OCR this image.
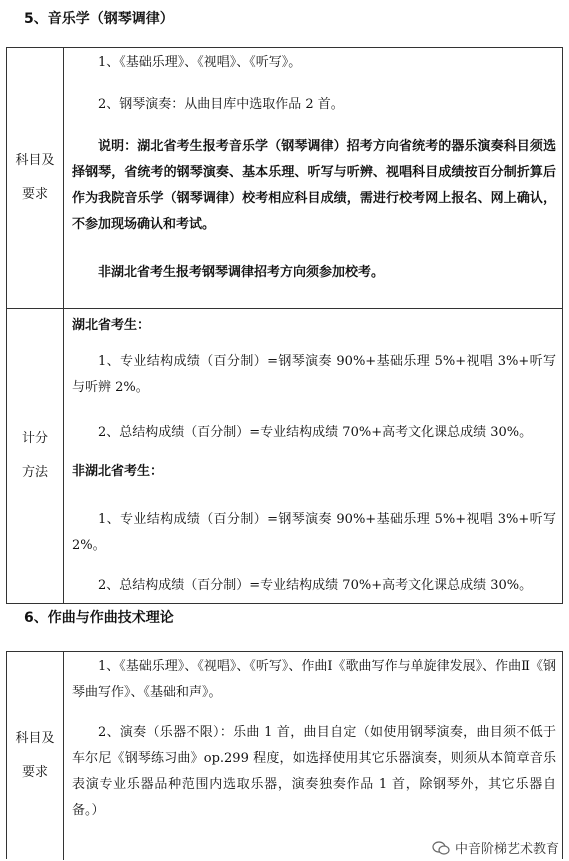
5、音乐学（钢琴调律）
科目及
要求

1、《基础乐理》、《视唱》、《听写》。

2、钢琴演奏：从曲目库中选取作品 2 首。

说明：湖北省考生报考音乐学（钢琴调律）招考方向省统考的器乐演奏科目须选择钢琴，省统考的钢琴演奏、基本乐理、听写与听辨、视唱科目成绩按百分制折算后作为我院音乐学（钢琴调律）校考相应科目成绩，需进行校考网上报名、网上确认，不参加现场确认和考试。

非湖北省考生报考钢琴调律招考方向须参加校考。

计分
方法

湖北省考生：

1、专业结构成绩（百分制）=钢琴演奏 90%+基础乐理 5%+视唱 3%+听写与听辨 2%。

2、总结构成绩（百分制）=专业结构成绩 70%+高考文化课总成绩 30%。

非湖北省考生：

1、专业结构成绩（百分制）=钢琴演奏 90%+基础乐理 5%+视唱 3%+听写 2%。

2、总结构成绩（百分制）=专业结构成绩 70%+高考文化课总成绩 30%。

6、作曲与作曲技术理论
科目及
要求

1、《基础乐理》、《视唱》、《听写》、作曲Ⅰ《歌曲写作与单旋律发展》、作曲Ⅱ《钢琴曲写作》、《基础和声》。

2、演奏（乐器不限）：乐曲 1 首，曲目自定（如使用钢琴演奏，曲目须不低于车尔尼《钢琴练习曲》op.299 程度，如选择使用其它乐器演奏，则须从本简章音乐表演专业乐器品种范围内选取乐器，演奏独奏作品 1 首，除钢琴外，其它乐器自备。）

中音阶梯艺术教育
